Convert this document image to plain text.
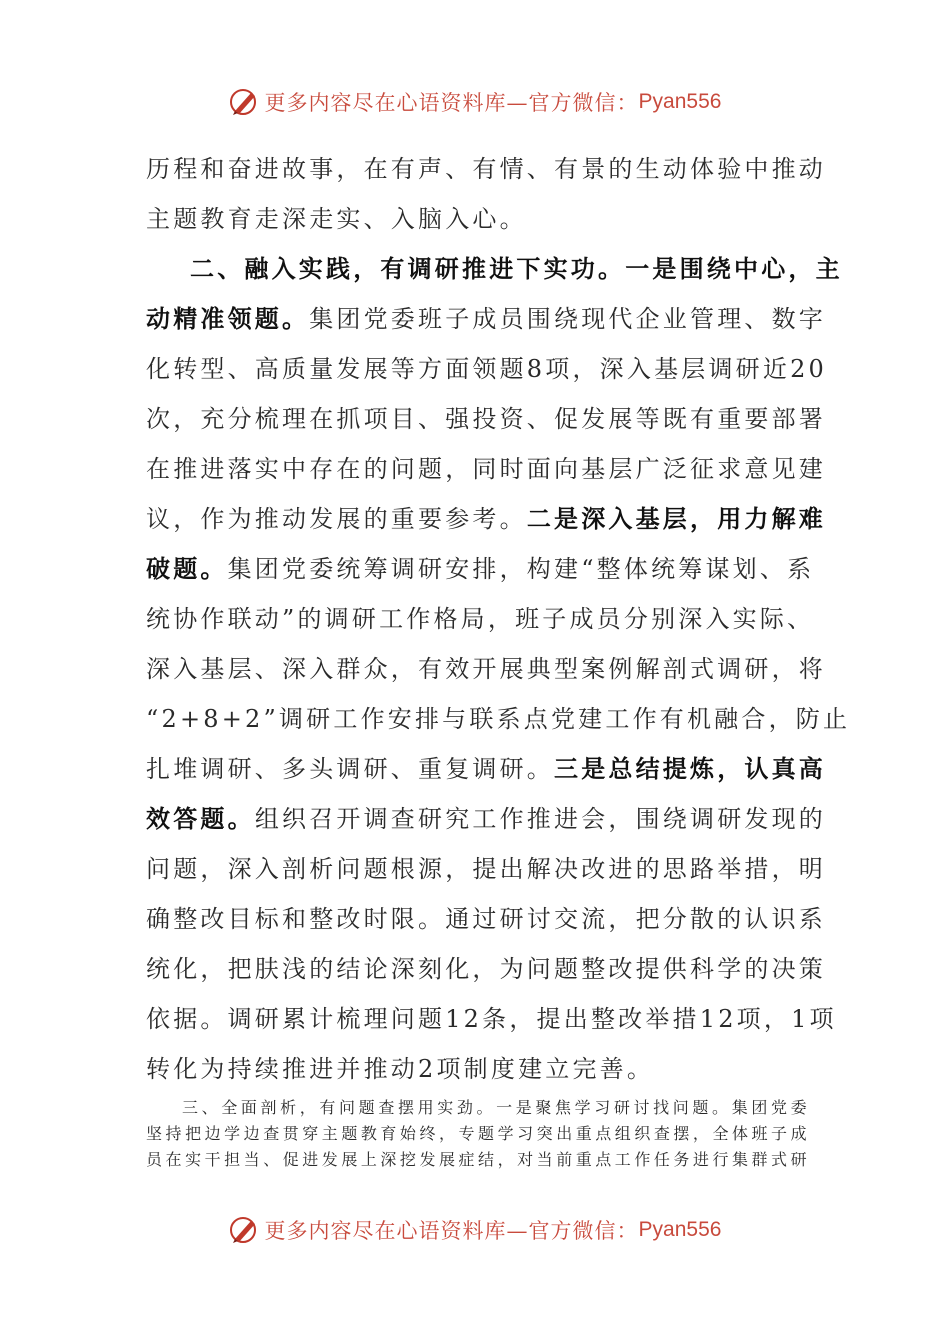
更多内容尽在心语资料库—官方微信： Pyan556
历程和奋进故事，在有声、有情、有景的生动体验中推动
主题教育走深走实、入脑入心。
二、融入实践，有调研推进下实功。一是围绕中心，主
动精准领题。集团党委班子成员围绕现代企业管理、数字
化转型、高质量发展等方面领题8项，深入基层调研近20
次，充分梳理在抓项目、强投资、促发展等既有重要部署
在推进落实中存在的问题，同时面向基层广泛征求意见建
议，作为推动发展的重要参考。二是深入基层，用力解难
破题。集团党委统筹调研安排，构建“整体统筹谋划、系
统协作联动”的调研工作格局，班子成员分别深入实际、
深入基层、深入群众，有效开展典型案例解剖式调研，将
“2+8+2”调研工作安排与联系点党建工作有机融合，防止
扎堆调研、多头调研、重复调研。三是总结提炼，认真高
效答题。组织召开调查研究工作推进会，围绕调研发现的
问题，深入剖析问题根源，提出解决改进的思路举措，明
确整改目标和整改时限。通过研讨交流，把分散的认识系
统化，把肤浅的结论深刻化，为问题整改提供科学的决策
依据。调研累计梳理问题12条，提出整改举措12项，1项
转化为持续推进并推动2项制度建立完善。
三、全面剖析，有问题查摆用实劲。一是聚焦学习研讨找问题。集团党委
坚持把边学边查贯穿主题教育始终，专题学习突出重点组织查摆，全体班子成
员在实干担当、促进发展上深挖发展症结，对当前重点工作任务进行集群式研
更多内容尽在心语资料库—官方微信： Pyan556
